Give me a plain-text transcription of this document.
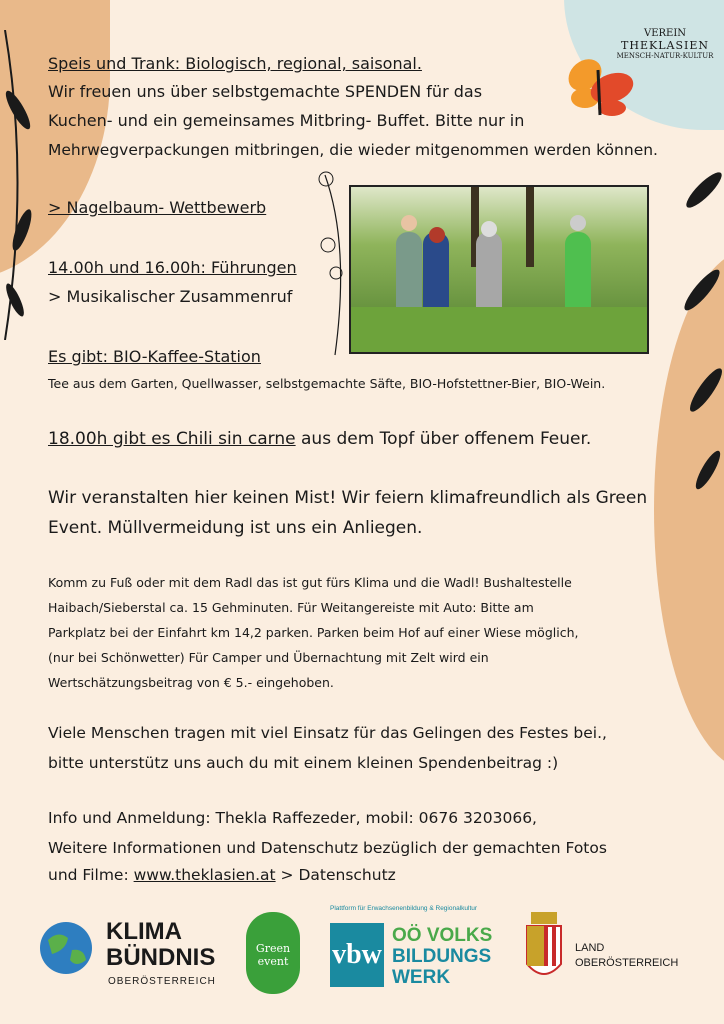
VEREIN
THEKLASIEN
MENSCH-NATUR-KULTUR
Speis und Trank: Biologisch, regional, saisonal.
Wir freuen uns über selbstgemachte SPENDEN für das
Kuchen- und ein gemeinsames Mitbring- Buffet. Bitte nur in
Mehrwegverpackungen mitbringen, die wieder mitgenommen werden können.
> Nagelbaum- Wettbewerb
14.00h und 16.00h: Führungen
> Musikalischer Zusammenruf
Es gibt: BIO-Kaffee-Station
Tee aus dem Garten, Quellwasser, selbstgemachte Säfte, BIO-Hofstettner-Bier, BIO-Wein.
18.00h gibt es Chili sin carne aus dem Topf über offenem Feuer.
Wir veranstalten hier keinen Mist! Wir feiern klimafreundlich als Green
Event. Müllvermeidung ist uns ein Anliegen.
Komm zu Fuß oder mit dem Radl das ist gut fürs Klima und die Wadl! Bushaltestelle
Haibach/Sieberstal ca. 15 Gehminuten. Für Weitangereiste mit Auto: Bitte am
Parkplatz bei der Einfahrt km 14,2 parken. Parken beim Hof auf einer Wiese möglich,
(nur bei Schönwetter) Für Camper und Übernachtung mit Zelt wird ein
Wertschätzungsbeitrag von € 5.- eingehoben.
Viele Menschen tragen mit viel Einsatz für das Gelingen des Festes bei.,
bitte unterstütz uns auch du mit einem kleinen Spendenbeitrag :)
Info und Anmeldung: Thekla Raffezeder, mobil: 0676 3203066,
Weitere Informationen und Datenschutz bezüglich der gemachten Fotos
und Filme: www.theklasien.at > Datenschutz
KLIMA
BÜNDNIS
OBERÖSTERREICH
Green
event
Plattform für Erwachsenenbildung & Regionalkultur
vbw
OÖ VOLKS
BILDUNGS
WERK
LAND
OBERÖSTERREICH
